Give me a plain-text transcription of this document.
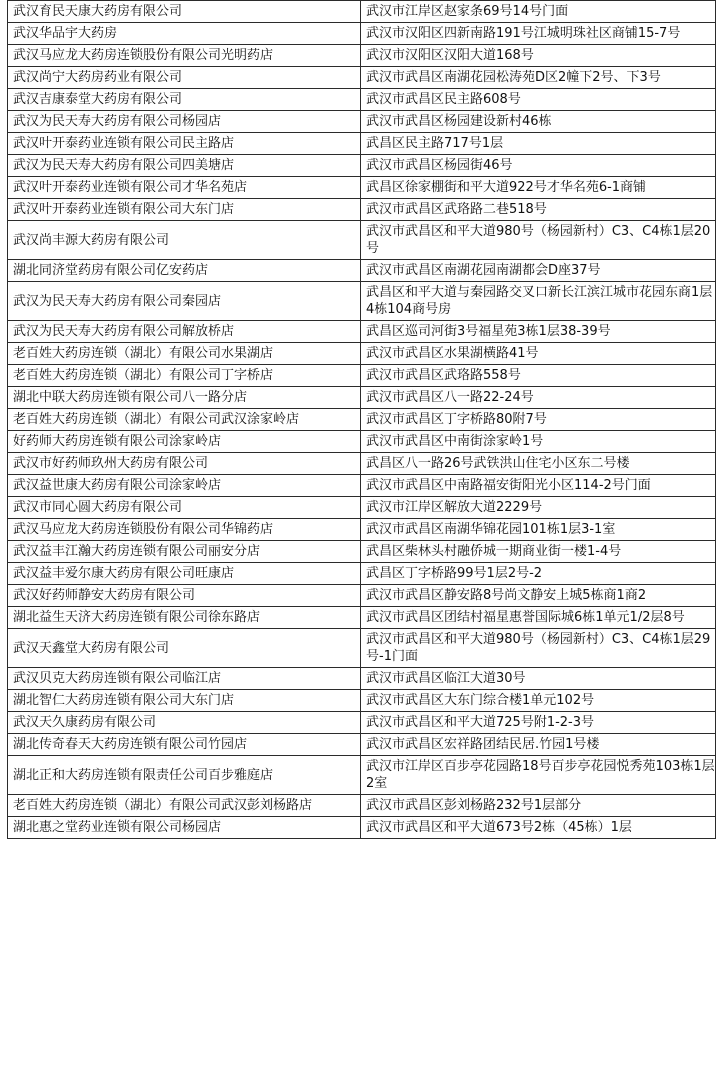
武汉育民天康大药房有限公司	武汉市江岸区赵家条69号14号门面
武汉华品宇大药房	武汉市汉阳区四新南路191号江城明珠社区商铺15-7号
武汉马应龙大药房连锁股份有限公司光明药店	武汉市汉阳区汉阳大道168号
武汉尚宁大药房药业有限公司	武汉市武昌区南湖花园松涛苑D区2幢下2号、下3号
武汉吉康泰堂大药房有限公司	武汉市武昌区民主路608号
武汉为民天寿大药房有限公司杨园店	武汉市武昌区杨园建设新村46栋
武汉叶开泰药业连锁有限公司民主路店	武昌区民主路717号1层
武汉为民天寿大药房有限公司四美塘店	武汉市武昌区杨园街46号
武汉叶开泰药业连锁有限公司才华名苑店	武昌区徐家棚街和平大道922号才华名苑6-1商铺
武汉叶开泰药业连锁有限公司大东门店	武汉市武昌区武珞路二巷518号
武汉尚丰源大药房有限公司	武汉市武昌区和平大道980号（杨园新村）C3、C4栋1层20号
湖北同济堂药房有限公司亿安药店	武汉市武昌区南湖花园南湖都会D座37号
武汉为民天寿大药房有限公司秦园店	武昌区和平大道与秦园路交叉口新长江滨江城市花园东商1层4栋104商号房
武汉为民天寿大药房有限公司解放桥店	武昌区巡司河街3号福星苑3栋1层38-39号
老百姓大药房连锁（湖北）有限公司水果湖店	武汉市武昌区水果湖横路41号
老百姓大药房连锁（湖北）有限公司丁字桥店	武汉市武昌区武珞路558号
湖北中联大药房连锁有限公司八一路分店	武汉市武昌区八一路22-24号
老百姓大药房连锁（湖北）有限公司武汉涂家岭店	武汉市武昌区丁字桥路80附7号
好药师大药房连锁有限公司涂家岭店	武汉市武昌区中南街涂家岭1号
武汉市好药师玖州大药房有限公司	武昌区八一路26号武铁洪山住宅小区东二号楼
武汉益世康大药房有限公司涂家岭店	武汉市武昌区中南路福安街阳光小区114-2号门面
武汉市同心圆大药房有限公司	武汉市江岸区解放大道2229号
武汉马应龙大药房连锁股份有限公司华锦药店	武汉市武昌区南湖华锦花园101栋1层3-1室
武汉益丰江瀚大药房连锁有限公司丽安分店	武昌区柴林头村融侨城一期商业街一楼1-4号
武汉益丰爱尔康大药房有限公司旺康店	武昌区丁字桥路99号1层2号-2
武汉好药师静安大药房有限公司	武汉市武昌区静安路8号尚文静安上城5栋商1商2
湖北益生天济大药房连锁有限公司徐东路店	武汉市武昌区团结村福星惠誉国际城6栋1单元1/2层8号
武汉天鑫堂大药房有限公司	武汉市武昌区和平大道980号（杨园新村）C3、C4栋1层29号-1门面
武汉贝克大药房连锁有限公司临江店	武汉市武昌区临江大道30号
湖北智仁大药房连锁有限公司大东门店	武汉市武昌区大东门综合楼1单元102号
武汉天久康药房有限公司	武汉市武昌区和平大道725号附1-2-3号
湖北传奇春天大药房连锁有限公司竹园店	武汉市武昌区宏祥路团结民居.竹园1号楼
湖北正和大药房连锁有限责任公司百步雅庭店	武汉市江岸区百步亭花园路18号百步亭花园悦秀苑103栋1层2室
老百姓大药房连锁（湖北）有限公司武汉彭刘杨路店	武汉市武昌区彭刘杨路232号1层部分
湖北惠之堂药业连锁有限公司杨园店	武汉市武昌区和平大道673号2栋（45栋）1层
